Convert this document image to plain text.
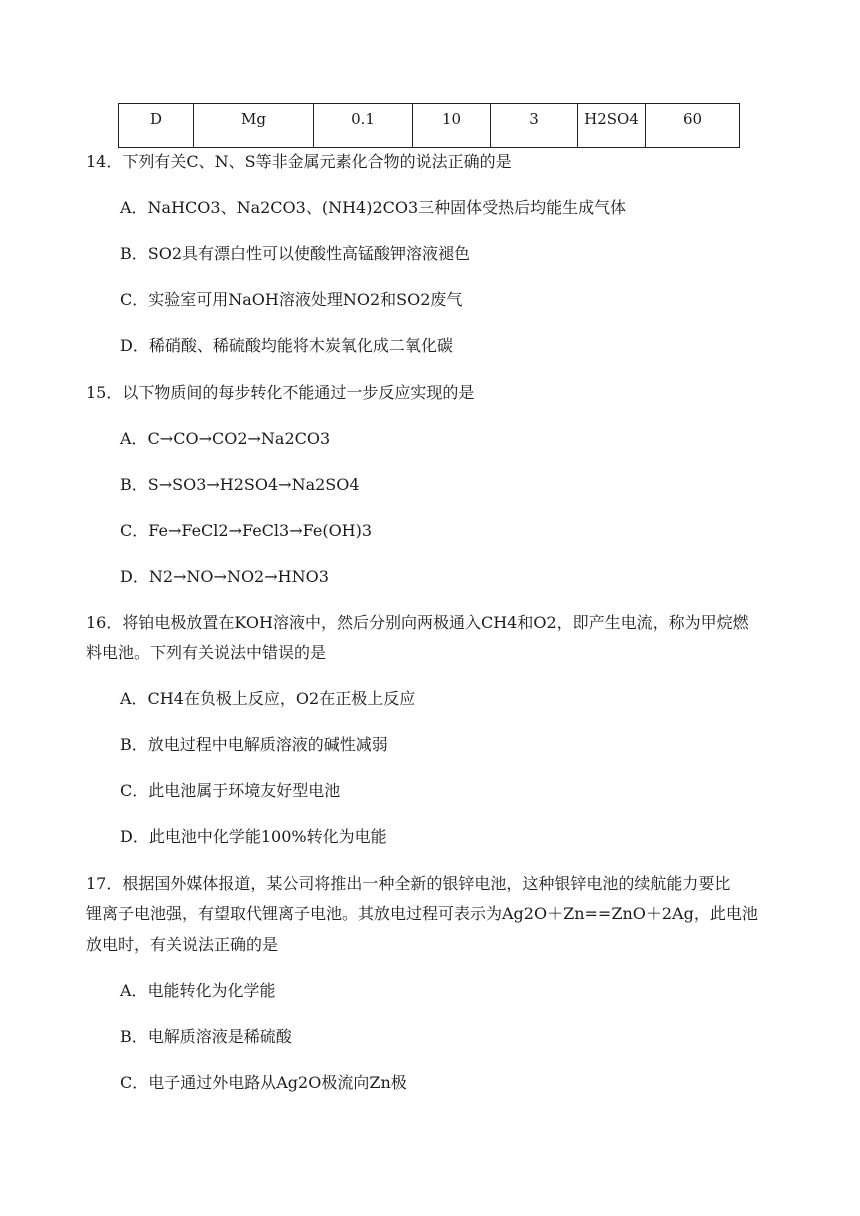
D	Mg	0.1	10	3	H2SO4	60
14．下列有关C、N、S等非金属元素化合物的说法正确的是
A．NaHCO3、Na2CO3、(NH4)2CO3三种固体受热后均能生成气体
B．SO2具有漂白性可以使酸性高锰酸钾溶液褪色
C．实验室可用NaOH溶液处理NO2和SO2废气
D．稀硝酸、稀硫酸均能将木炭氧化成二氧化碳
15．以下物质间的每步转化不能通过一步反应实现的是
A．C→CO→CO2→Na2CO3
B．S→SO3→H2SO4→Na2SO4
C．Fe→FeCl2→FeCl3→Fe(OH)3
D．N2→NO→NO2→HNO3
16．将铂电极放置在KOH溶液中，然后分别向两极通入CH4和O2，即产生电流，称为甲烷燃
料电池。下列有关说法中错误的是
A．CH4在负极上反应，O2在正极上反应
B．放电过程中电解质溶液的碱性减弱
C．此电池属于环境友好型电池
D．此电池中化学能100%转化为电能
17．根据国外媒体报道，某公司将推出一种全新的银锌电池，这种银锌电池的续航能力要比
锂离子电池强，有望取代锂离子电池。其放电过程可表示为Ag2O＋Zn==ZnO＋2Ag，此电池
放电时，有关说法正确的是
A．电能转化为化学能
B．电解质溶液是稀硫酸
C．电子通过外电路从Ag2O极流向Zn极
